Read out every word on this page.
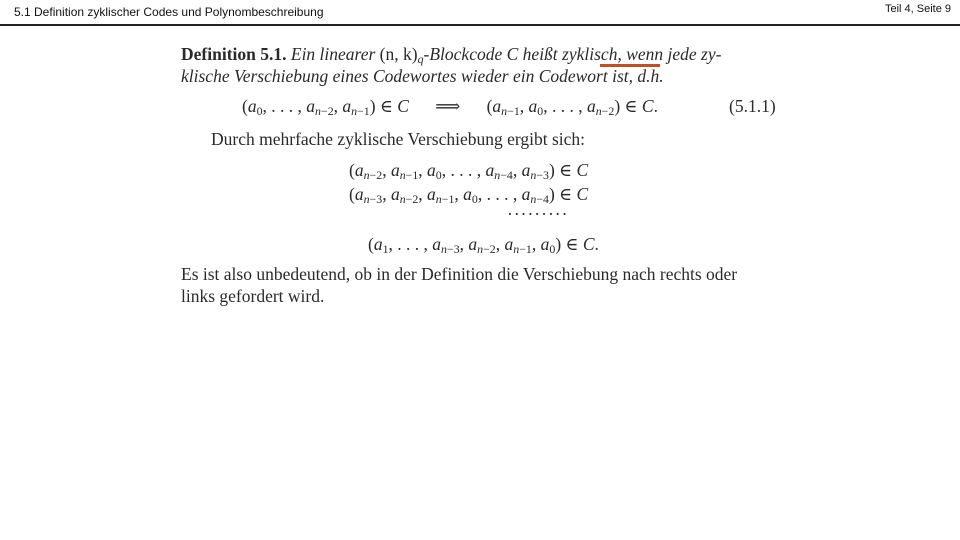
5.1 Definition zyklischer Codes und Polynombeschreibung	Teil 4, Seite 9
Definition 5.1. Ein linearer (n, $k)_q$-Blockcode C heißt zyklisch, wenn jede zy-
klische Verschiebung eines Codewortes wieder ein Codewort ist, d.h.
($a_0$, . . . , $a_{n-2}$, $a_{n-1}$) ∈ C      ⟹      ($a_{n-1}$, $a_0$, . . . , $a_{n-2}$) ∈ C.	(5.1.1)
Durch mehrfache zyklische Verschiebung ergibt sich:
($a_{n-2}$, $a_{n-1}$, $a_0$, . . . , $a_{n-4}$, $a_{n-3}$) ∈ C
($a_{n-3}$, $a_{n-2}$, $a_{n-1}$, $a_0$, . . . , $a_{n-4}$) ∈ C
·········
($a_1$, . . . , $a_{n-3}$, $a_{n-2}$, $a_{n-1}$, $a_0$) ∈ C.
Es ist also unbedeutend, ob in der Definition die Verschiebung nach rechts oder
links gefordert wird.
